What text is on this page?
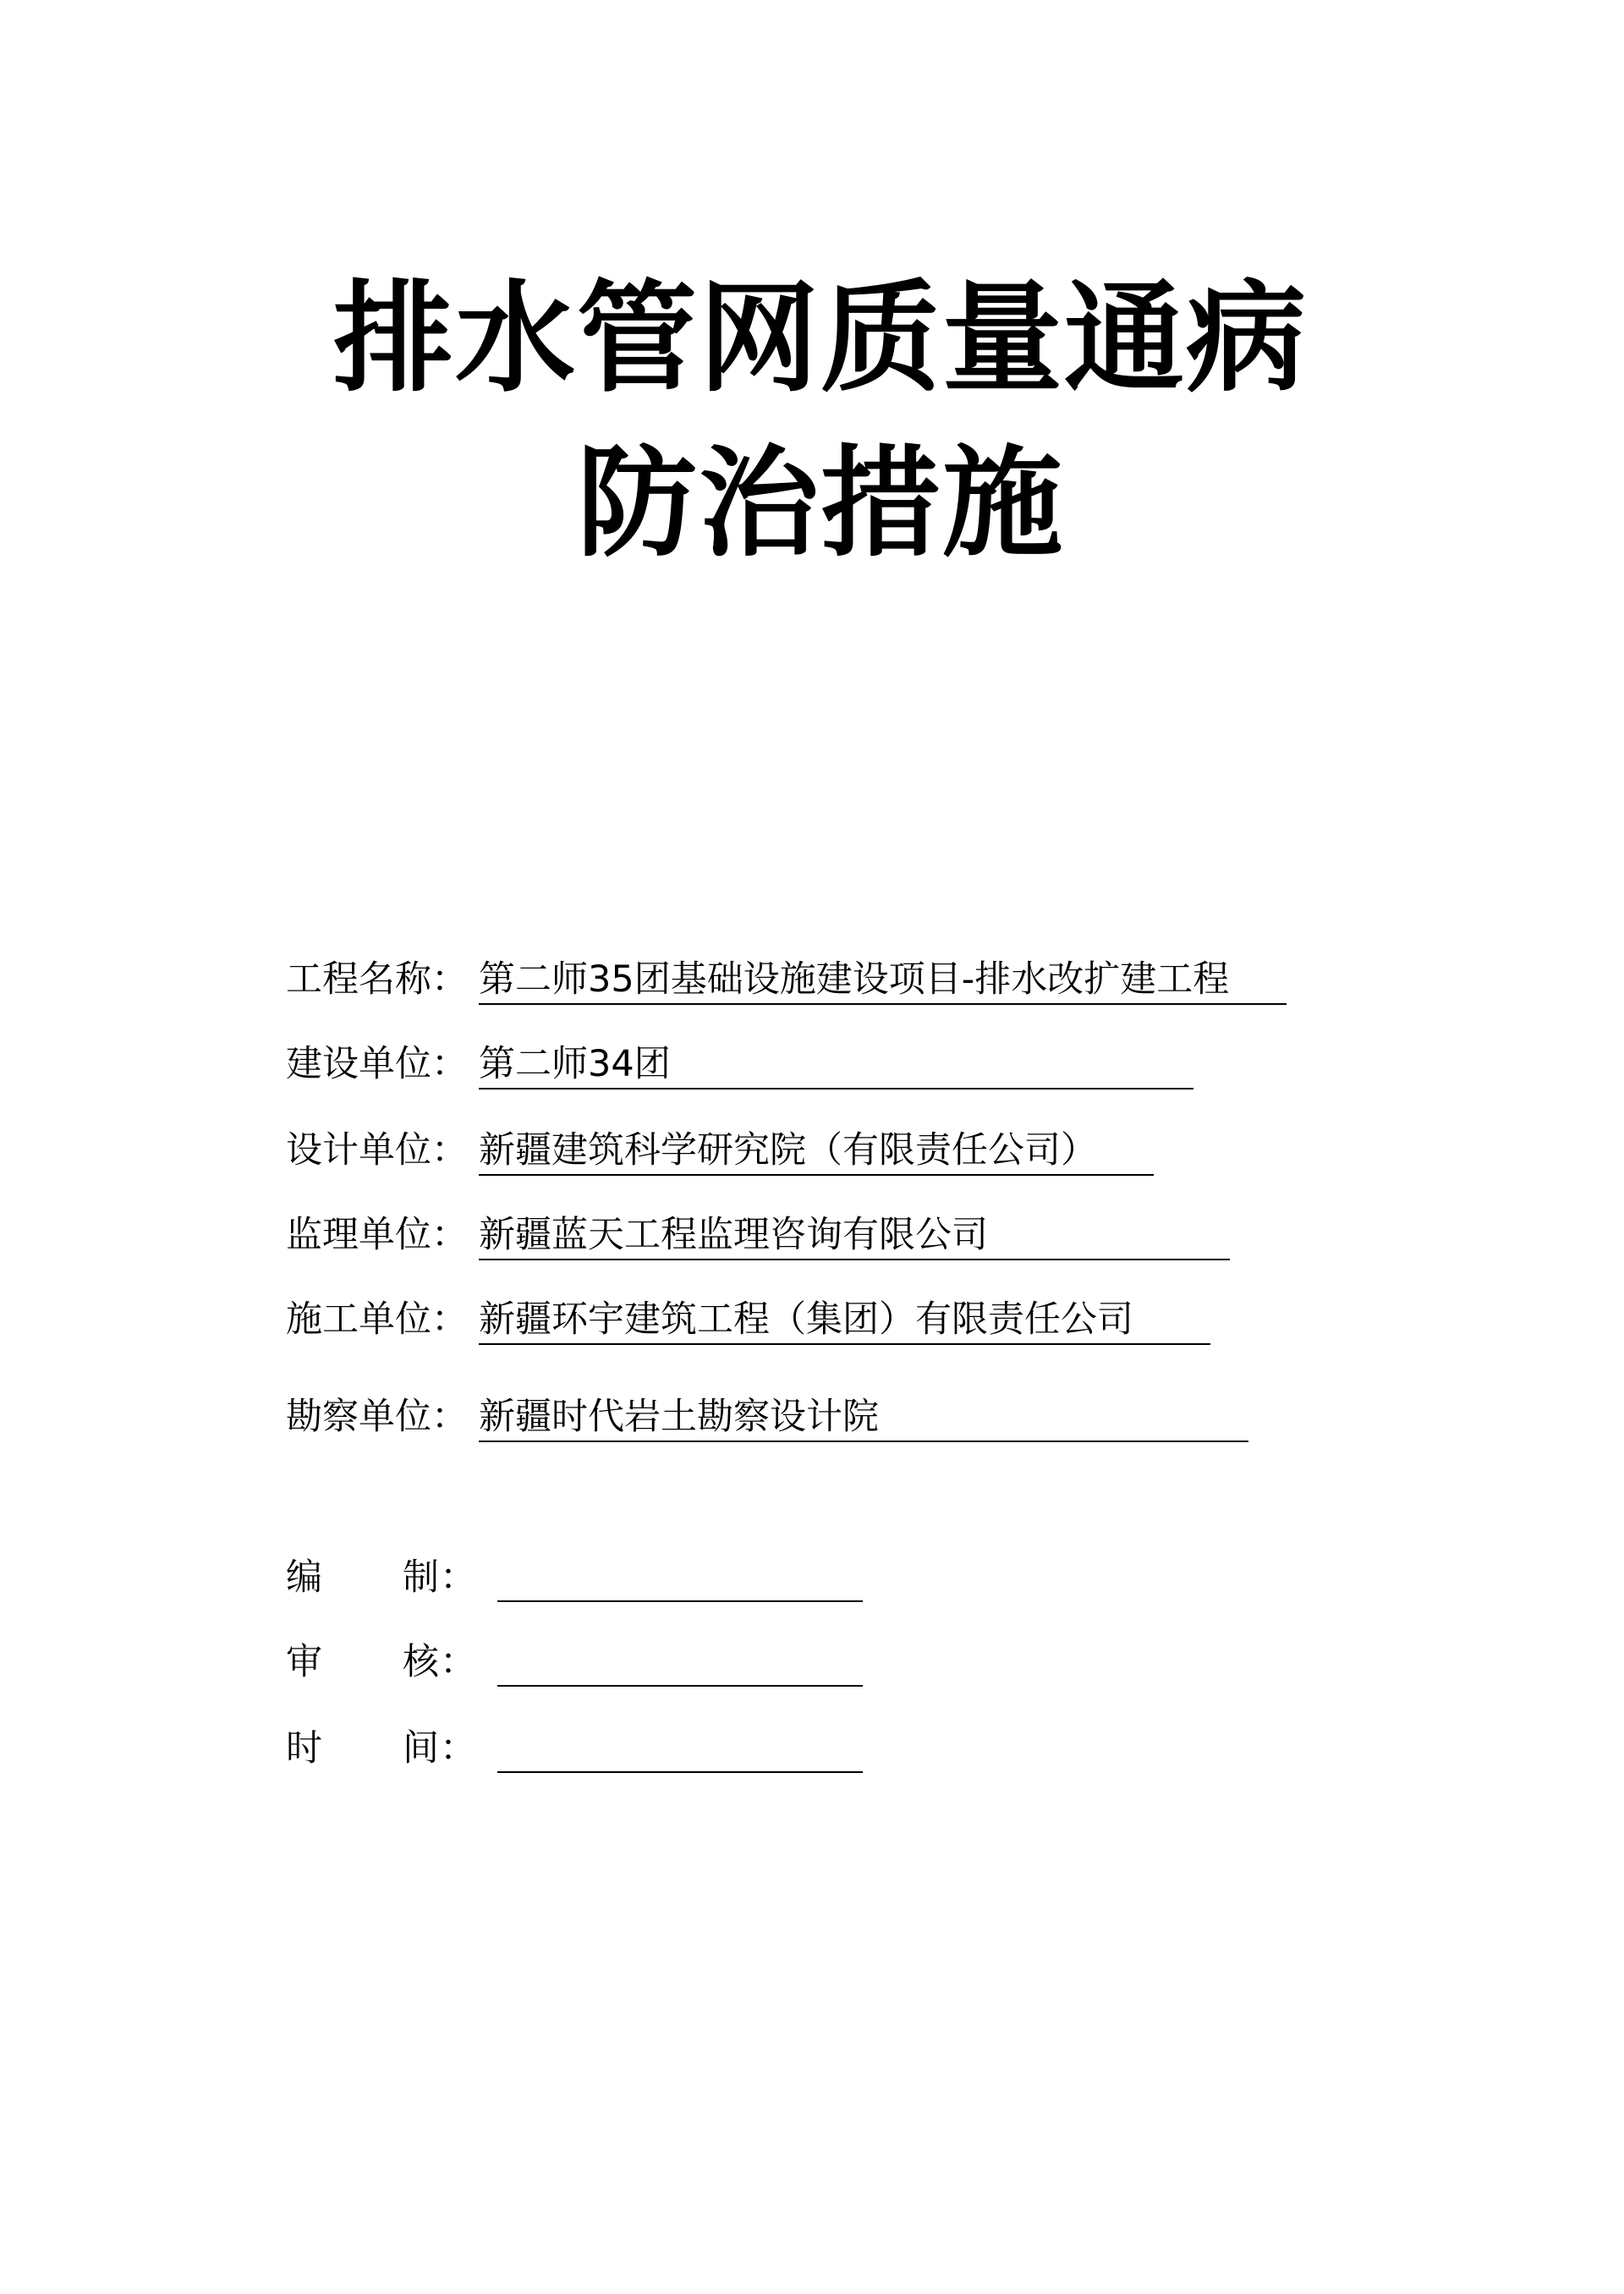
排水管网质量通病
防治措施
工程名称： 第二师35团基础设施建设项目-排水改扩建工程
建设单位： 第二师34团
设计单位： 新疆建筑科学研究院（有限责任公司）
监理单位： 新疆蓝天工程监理咨询有限公司
施工单位： 新疆环宇建筑工程（集团）有限责任公司
勘察单位： 新疆时代岩土勘察设计院
编 制 ：
审 核 ：
时 间 ：
